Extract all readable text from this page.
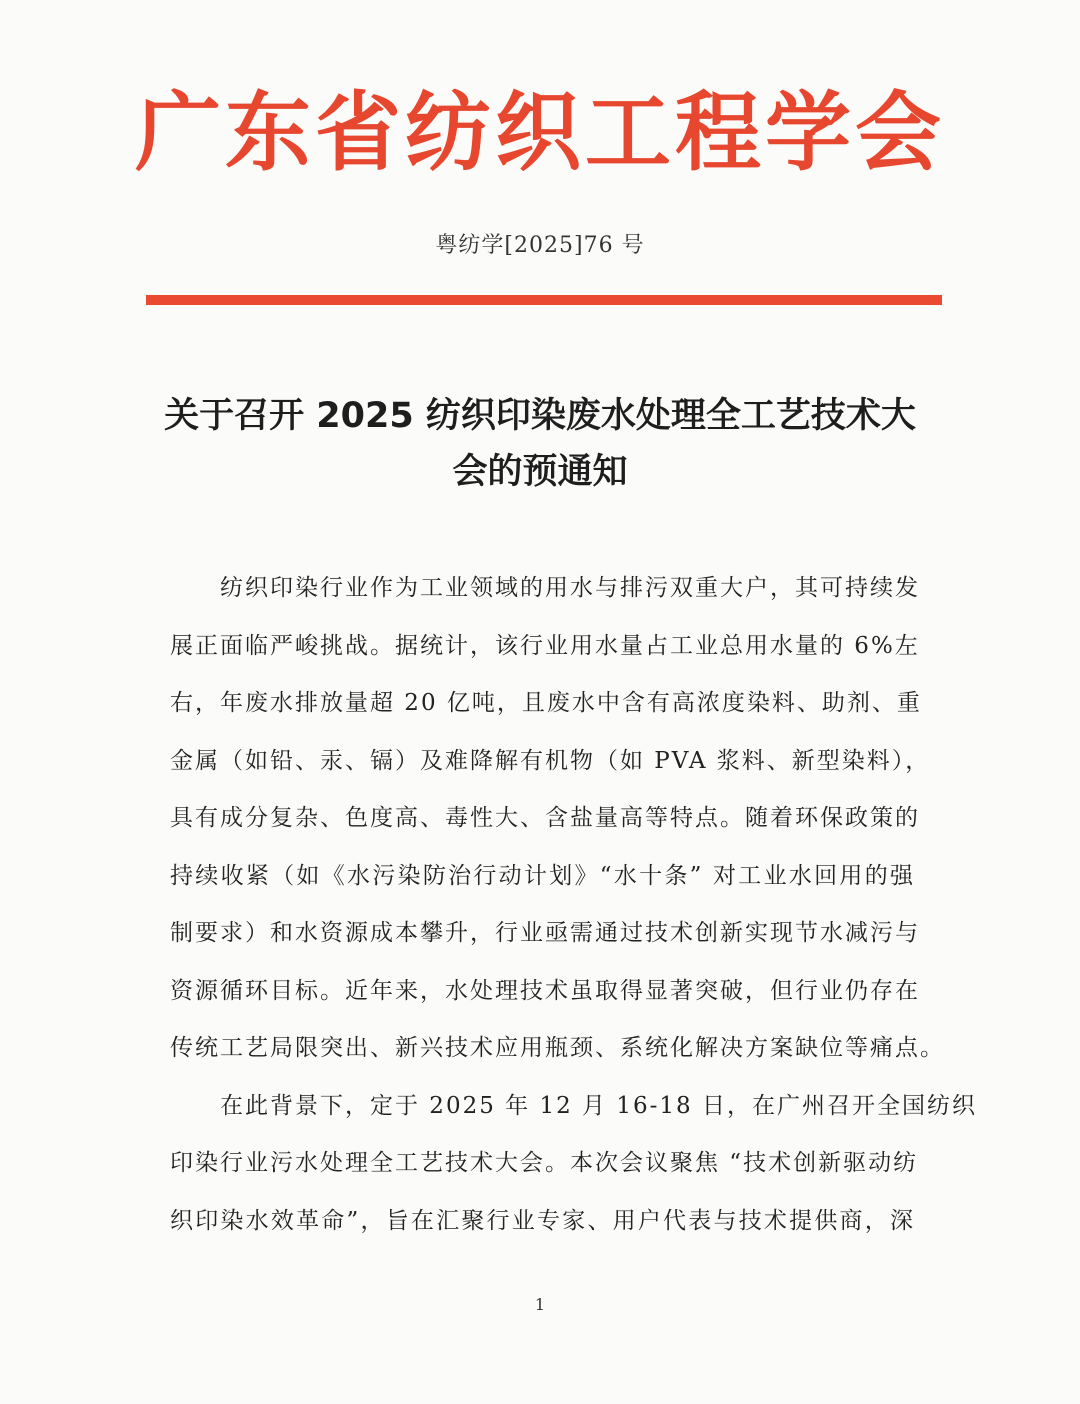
广东省纺织工程学会
粤纺学[2025]76 号
关于召开 2025 纺织印染废水处理全工艺技术大
会的预通知
纺织印染行业作为工业领域的用水与排污双重大户，其可持续发
展正面临严峻挑战。据统计，该行业用水量占工业总用水量的 6%左
右，年废水排放量超 20 亿吨，且废水中含有高浓度染料、助剂、重
金属（如铅、汞、镉）及难降解有机物（如 PVA 浆料、新型染料），
具有成分复杂、色度高、毒性大、含盐量高等特点。随着环保政策的
持续收紧（如《水污染防治行动计划》“水十条” 对工业水回用的强
制要求）和水资源成本攀升，行业亟需通过技术创新实现节水减污与
资源循环目标。近年来，水处理技术虽取得显著突破，但行业仍存在
传统工艺局限突出、新兴技术应用瓶颈、系统化解决方案缺位等痛点。
在此背景下，定于 2025 年 12 月 16-18 日，在广州召开全国纺织
印染行业污水处理全工艺技术大会。本次会议聚焦 “技术创新驱动纺
织印染水效革命”，旨在汇聚行业专家、用户代表与技术提供商，深
1
